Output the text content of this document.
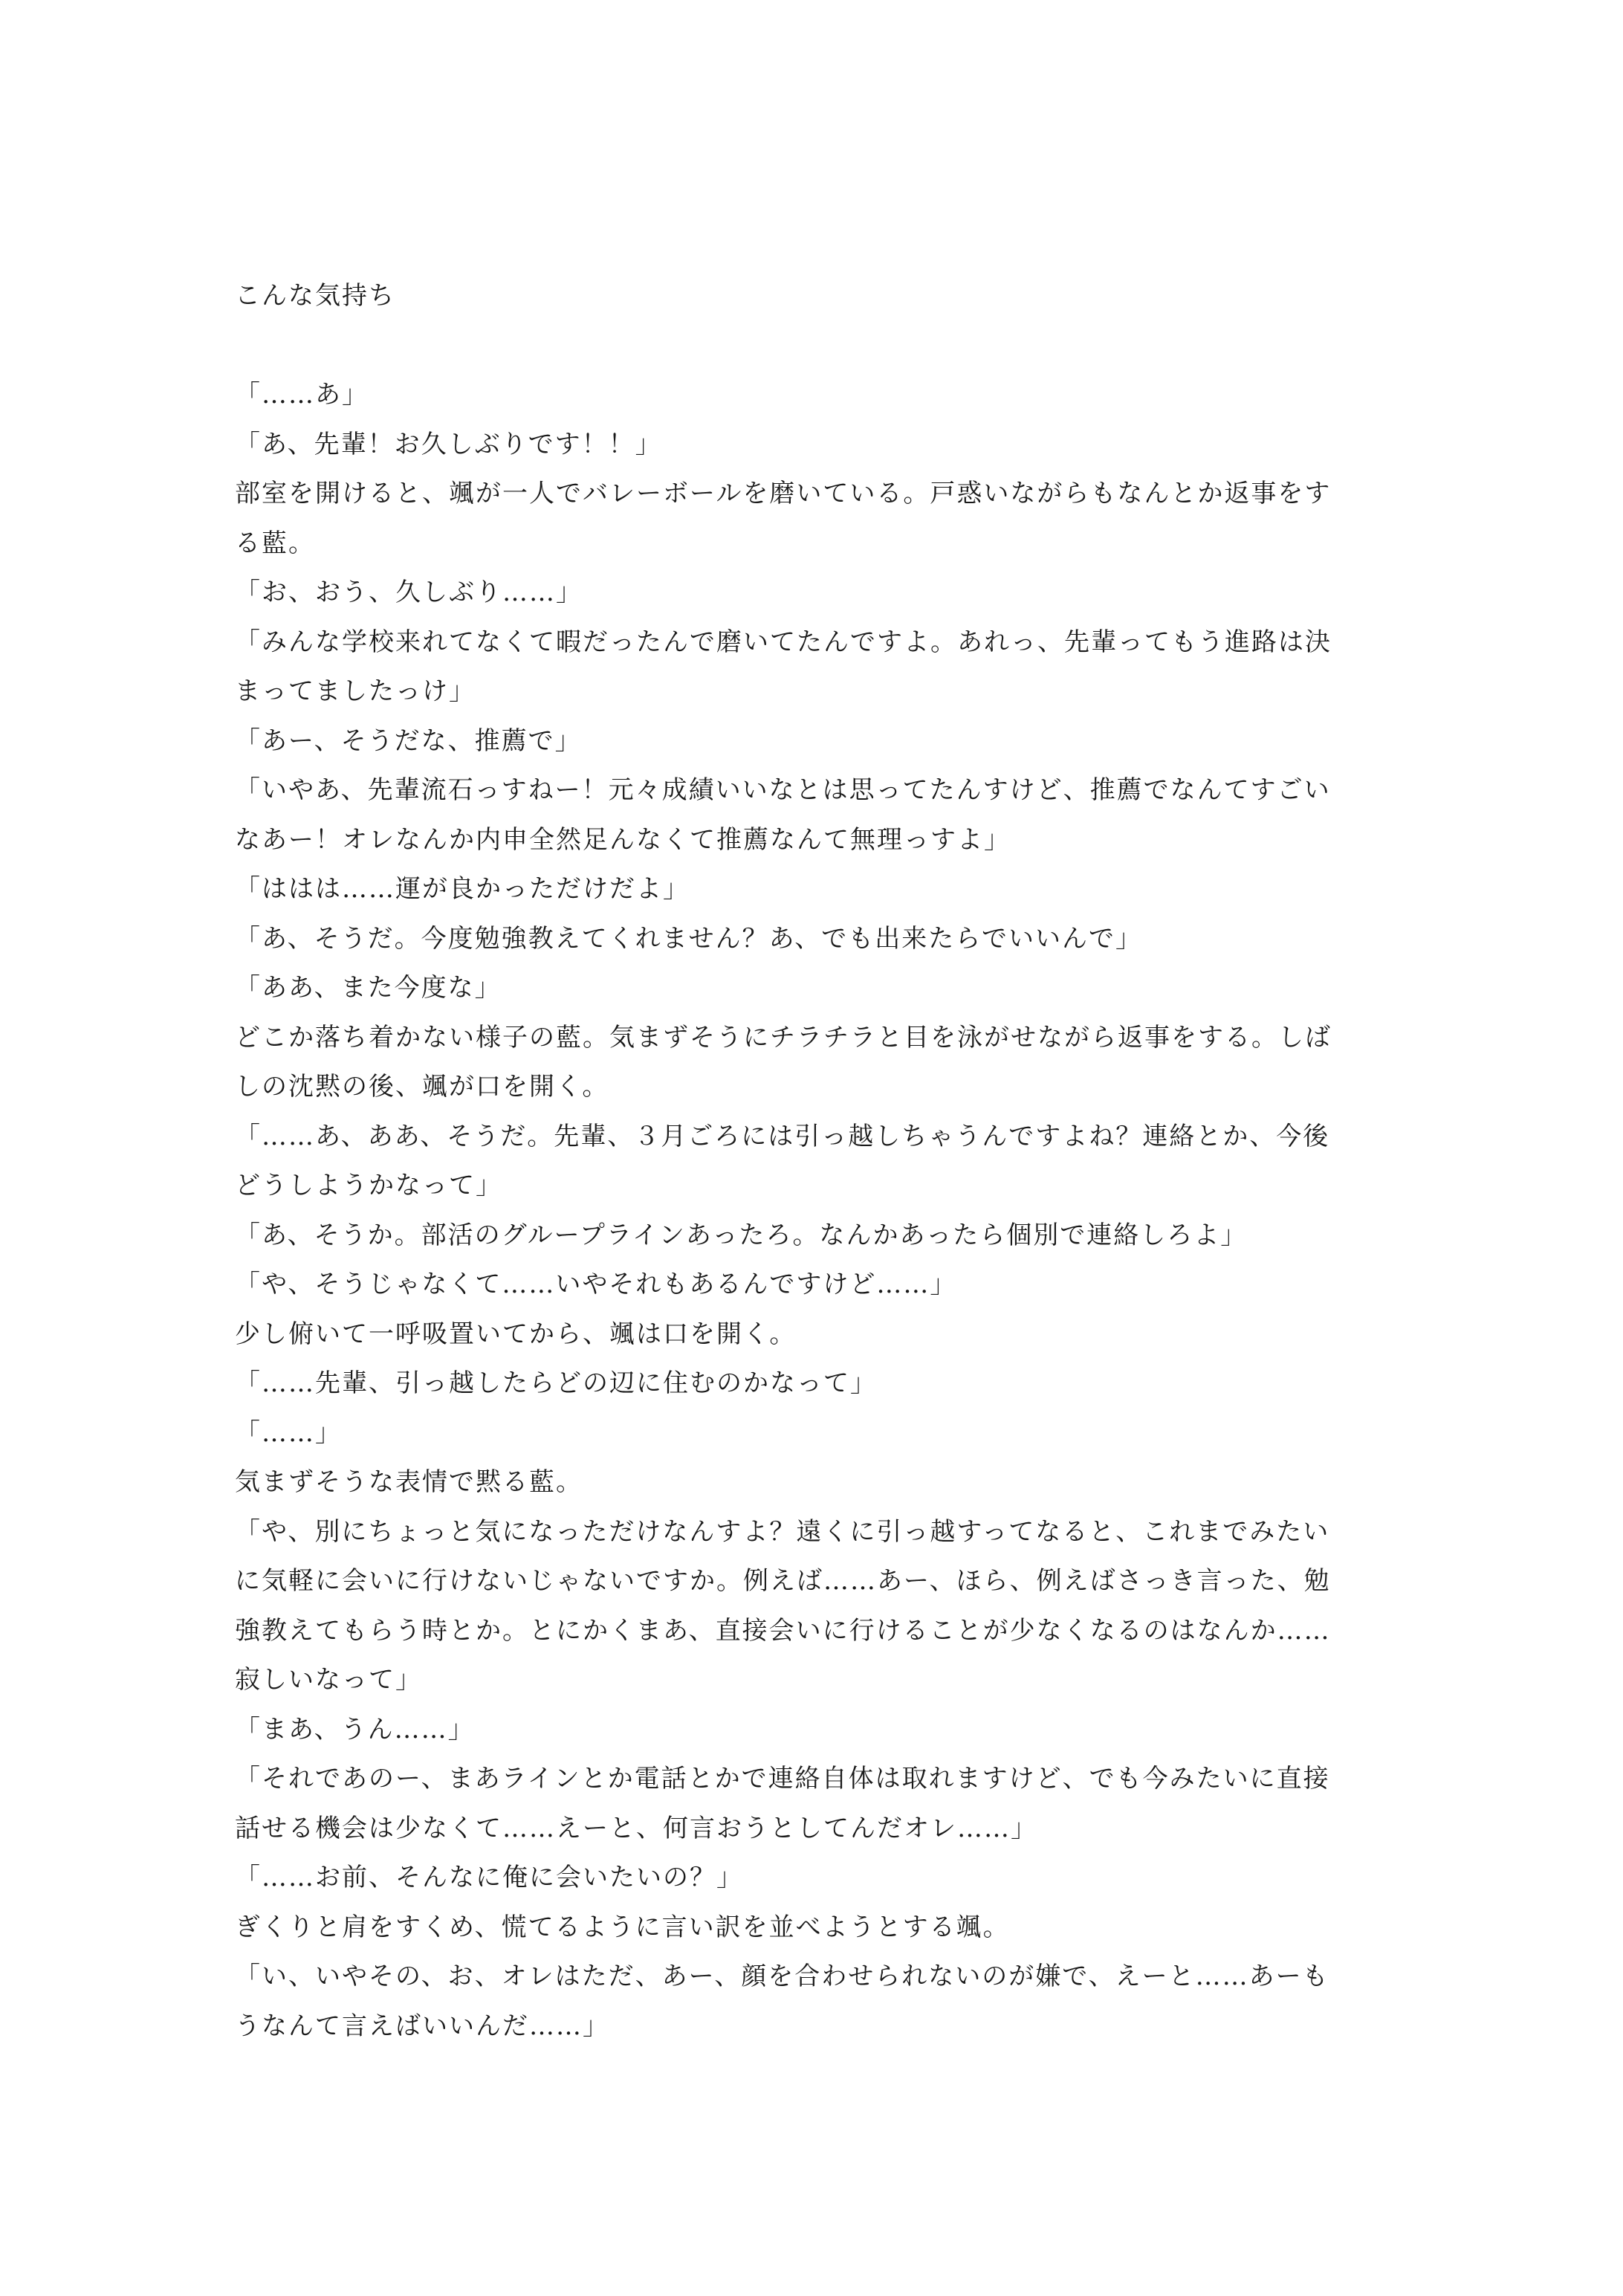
こんな気持ち
「……あ」
「あ、先輩！お久しぶりです！！」
部室を開けると、颯が一人でバレーボールを磨いている。戸惑いながらもなんとか返事をす
る藍。
「お、おう、久しぶり……」
「みんな学校来れてなくて暇だったんで磨いてたんですよ。あれっ、先輩ってもう進路は決
まってましたっけ」
「あー、そうだな、推薦で」
「いやあ、先輩流石っすねー！元々成績いいなとは思ってたんすけど、推薦でなんてすごい
なあー！オレなんか内申全然足んなくて推薦なんて無理っすよ」
「ははは……運が良かっただけだよ」
「あ、そうだ。今度勉強教えてくれません？あ、でも出来たらでいいんで」
「ああ、また今度な」
どこか落ち着かない様子の藍。気まずそうにチラチラと目を泳がせながら返事をする。しば
しの沈黙の後、颯が口を開く。
「……あ、ああ、そうだ。先輩、３月ごろには引っ越しちゃうんですよね？連絡とか、今後
どうしようかなって」
「あ、そうか。部活のグループラインあったろ。なんかあったら個別で連絡しろよ」
「や、そうじゃなくて……いやそれもあるんですけど……」
少し俯いて一呼吸置いてから、颯は口を開く。
「……先輩、引っ越したらどの辺に住むのかなって」
「……」
気まずそうな表情で黙る藍。
「や、別にちょっと気になっただけなんすよ？遠くに引っ越すってなると、これまでみたい
に気軽に会いに行けないじゃないですか。例えば……あー、ほら、例えばさっき言った、勉
強教えてもらう時とか。とにかくまあ、直接会いに行けることが少なくなるのはなんか……
寂しいなって」
「まあ、うん……」
「それであのー、まあラインとか電話とかで連絡自体は取れますけど、でも今みたいに直接
話せる機会は少なくて……えーと、何言おうとしてんだオレ……」
「……お前、そんなに俺に会いたいの？」
ぎくりと肩をすくめ、慌てるように言い訳を並べようとする颯。
「い、いやその、お、オレはただ、あー、顔を合わせられないのが嫌で、えーと……あーも
うなんて言えばいいんだ……」
